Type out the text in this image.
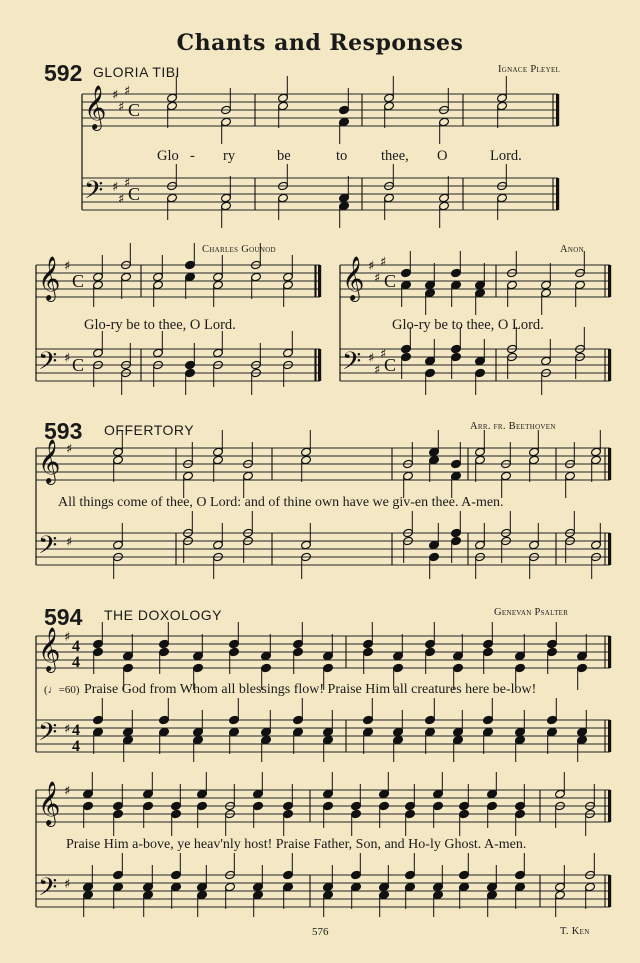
𝄞
𝄢
♯
♯
♯
♯
♯
♯
C
C
𝄞
𝄢
♯
♯
C
C
𝄞
𝄢
♯
♯
♯
♯
♯
♯
C
C
𝄞
𝄢
♯
♯
𝄞
𝄢
♯
♯
4
4
4
4
𝄞
𝄢
♯
♯
Chants and Responses
592 GLORIA TIBI	Ignace Pleyel
Glo - ry	be	to thee, O	Lord.
Charles Gounod	Anon
Glo-ry be to thee, O Lord.	Glo-ry be to thee, O Lord.
593 OFFERTORY	Arr. fr. Beethoven
All things come of thee, O Lord: and of thine own have we giv-en thee. A-men.
594 THE DOXOLOGY	Genevan Psalter
(♩=60) Praise God from Whom all blessings flow! Praise Him all creatures here be-low!
Praise Him a-bove, ye heav'nly host! Praise Father, Son, and Ho-ly Ghost. A-men.
576	T. Ken
